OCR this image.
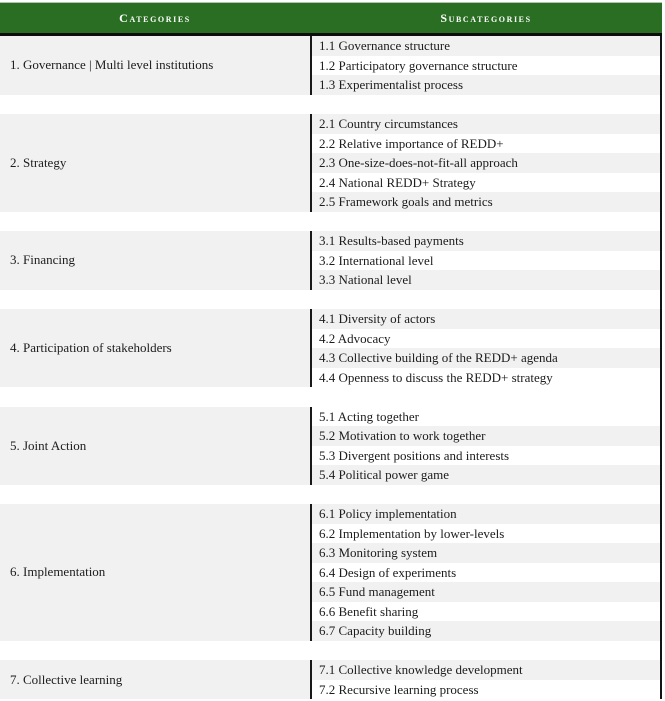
Categories	Subcategories
1. Governance | Multi level institutions
1.1 Governance structure
1.2 Participatory governance structure
1.3 Experimentalist process
2. Strategy
2.1 Country circumstances
2.2 Relative importance of REDD+
2.3 One-size-does-not-fit-all approach
2.4 National REDD+ Strategy
2.5 Framework goals and metrics
3. Financing
3.1 Results-based payments
3.2 International level
3.3 National level
4. Participation of stakeholders
4.1 Diversity of actors
4.2 Advocacy
4.3 Collective building of the REDD+ agenda
4.4 Openness to discuss the REDD+ strategy
5. Joint Action
5.1 Acting together
5.2 Motivation to work together
5.3 Divergent positions and interests
5.4 Political power game
6. Implementation
6.1 Policy implementation
6.2 Implementation by lower-levels
6.3 Monitoring system
6.4 Design of experiments
6.5 Fund management
6.6 Benefit sharing
6.7 Capacity building
7. Collective learning
7.1 Collective knowledge development
7.2 Recursive learning process
